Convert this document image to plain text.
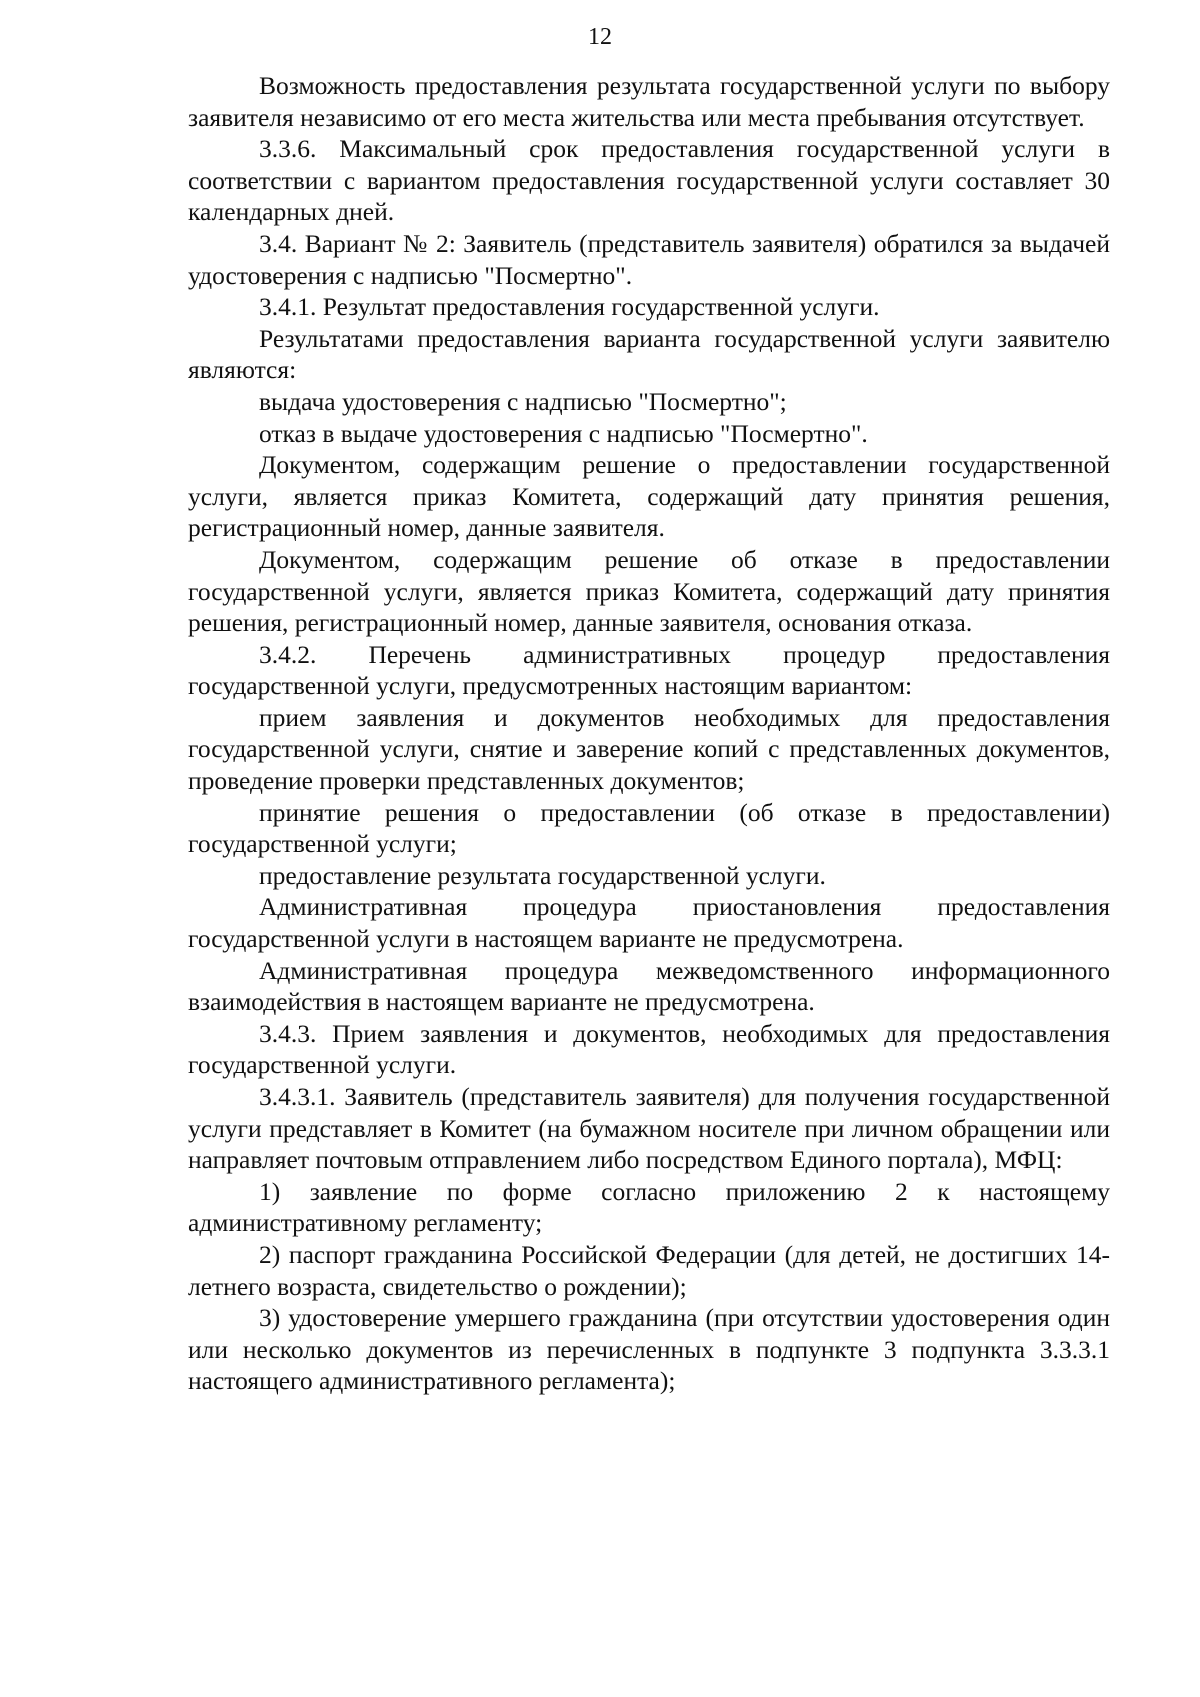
12

Возможность предоставления результата государственной услуги по выбору заявителя независимо от его места жительства или места пребывания отсутствует.

3.3.6. Максимальный срок предоставления государственной услуги в соответствии с вариантом предоставления государственной услуги составляет 30 календарных дней.

3.4. Вариант № 2: Заявитель (представитель заявителя) обратился за выдачей удостоверения с надписью "Посмертно".

3.4.1. Результат предоставления государственной услуги.

Результатами предоставления варианта государственной услуги заявителю являются:

выдача удостоверения с надписью "Посмертно";

отказ в выдаче удостоверения с надписью "Посмертно".

Документом, содержащим решение о предоставлении государственной услуги, является приказ Комитета, содержащий дату принятия решения, регистрационный номер, данные заявителя.

Документом, содержащим решение об отказе в предоставлении государственной услуги, является приказ Комитета, содержащий дату принятия решения, регистрационный номер, данные заявителя, основания отказа.

3.4.2. Перечень административных процедур предоставления государственной услуги, предусмотренных настоящим вариантом:

прием заявления и документов необходимых для предоставления государственной услуги, снятие и заверение копий с представленных документов, проведение проверки представленных документов;

принятие решения о предоставлении (об отказе в предоставлении) государственной услуги;

предоставление результата государственной услуги.

Административная процедура приостановления предоставления государственной услуги в настоящем варианте не предусмотрена.

Административная процедура межведомственного информационного взаимодействия в настоящем варианте не предусмотрена.

3.4.3. Прием заявления и документов, необходимых для предоставления государственной услуги.

3.4.3.1. Заявитель (представитель заявителя) для получения государственной услуги представляет в Комитет (на бумажном носителе при личном обращении или направляет почтовым отправлением либо посредством Единого портала), МФЦ:

1) заявление по форме согласно приложению 2 к настоящему административному регламенту;

2) паспорт гражданина Российской Федерации (для детей, не достигших 14-летнего возраста, свидетельство о рождении);

3) удостоверение умершего гражданина (при отсутствии удостоверения один или несколько документов из перечисленных в подпункте 3 подпункта 3.3.3.1 настоящего административного регламента);
